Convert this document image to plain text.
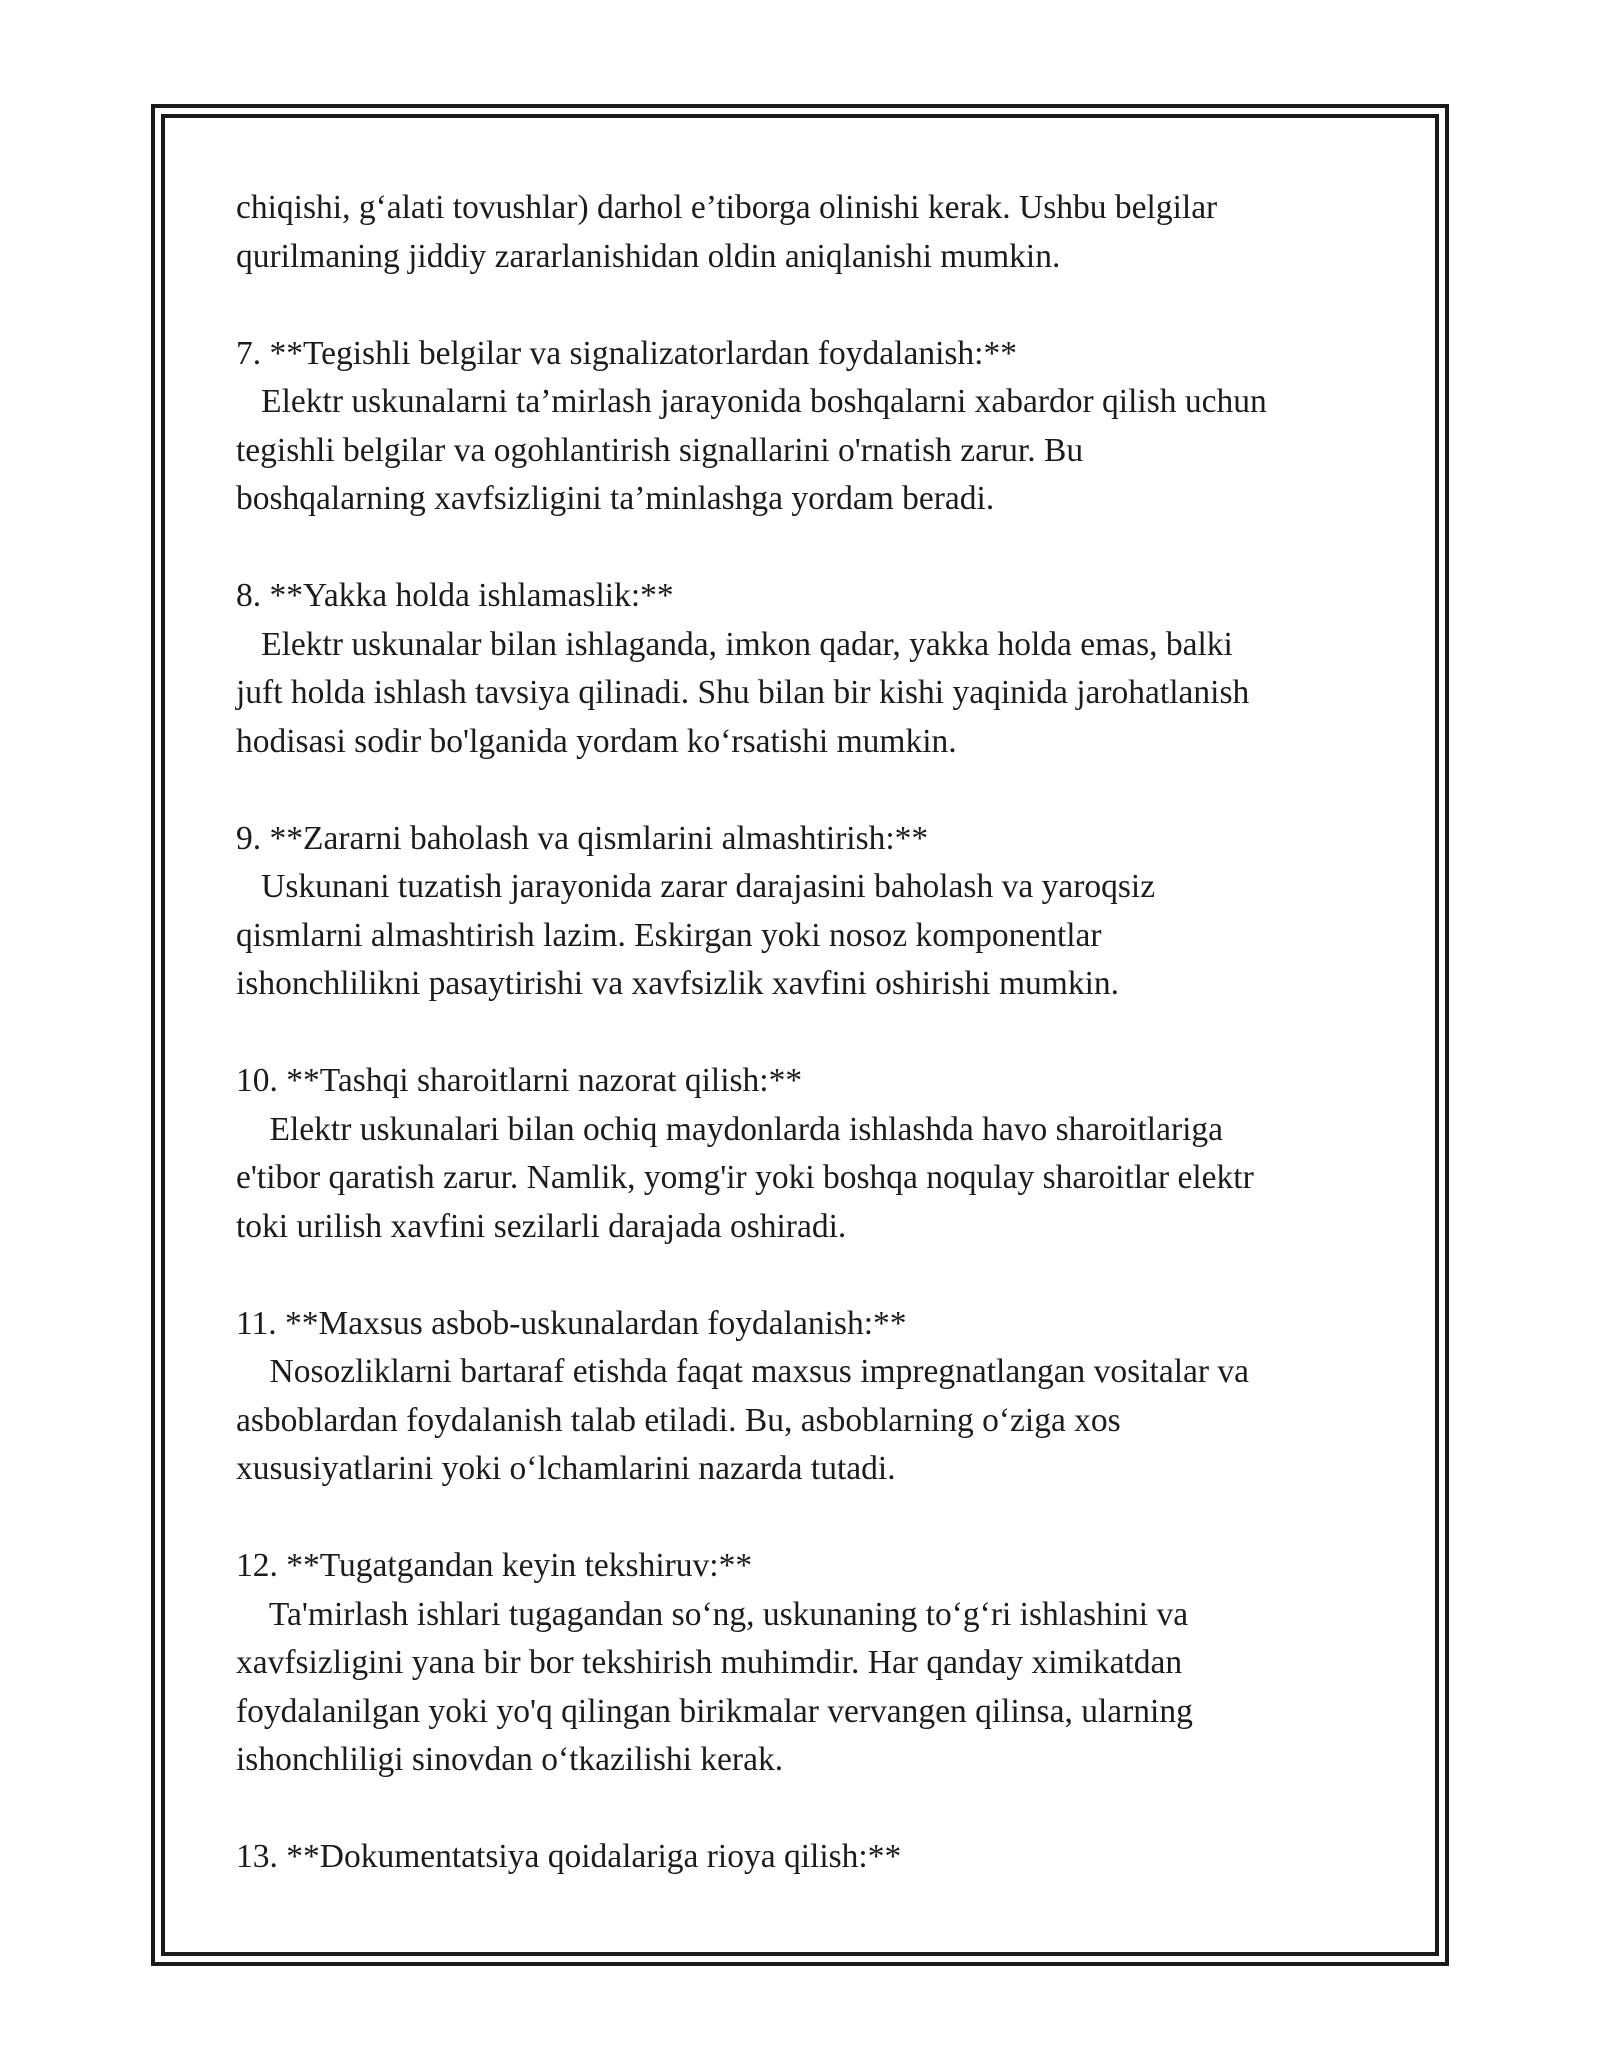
chiqishi, g‘alati tovushlar) darhol e’tiborga olinishi kerak. Ushbu belgilar
qurilmaning jiddiy zararlanishidan oldin aniqlanishi mumkin.
7. **Tegishli belgilar va signalizatorlardan foydalanish:**
Elektr uskunalarni ta’mirlash jarayonida boshqalarni xabardor qilish uchun
tegishli belgilar va ogohlantirish signallarini o'rnatish zarur. Bu
boshqalarning xavfsizligini ta’minlashga yordam beradi.
8. **Yakka holda ishlamaslik:**
Elektr uskunalar bilan ishlaganda, imkon qadar, yakka holda emas, balki
juft holda ishlash tavsiya qilinadi. Shu bilan bir kishi yaqinida jarohatlanish
hodisasi sodir bo'lganida yordam ko‘rsatishi mumkin.
9. **Zararni baholash va qismlarini almashtirish:**
Uskunani tuzatish jarayonida zarar darajasini baholash va yaroqsiz
qismlarni almashtirish lazim. Eskirgan yoki nosoz komponentlar
ishonchlilikni pasaytirishi va xavfsizlik xavfini oshirishi mumkin.
10. **Tashqi sharoitlarni nazorat qilish:**
Elektr uskunalari bilan ochiq maydonlarda ishlashda havo sharoitlariga
e'tibor qaratish zarur. Namlik, yomg'ir yoki boshqa noqulay sharoitlar elektr
toki urilish xavfini sezilarli darajada oshiradi.
11. **Maxsus asbob-uskunalardan foydalanish:**
Nosozliklarni bartaraf etishda faqat maxsus impregnatlangan vositalar va
asboblardan foydalanish talab etiladi. Bu, asboblarning o‘ziga xos
xususiyatlarini yoki o‘lchamlarini nazarda tutadi.
12. **Tugatgandan keyin tekshiruv:**
Ta'mirlash ishlari tugagandan so‘ng, uskunaning to‘g‘ri ishlashini va
xavfsizligini yana bir bor tekshirish muhimdir. Har qanday ximikatdan
foydalanilgan yoki yo'q qilingan birikmalar vervangen qilinsa, ularning
ishonchliligi sinovdan o‘tkazilishi kerak.
13. **Dokumentatsiya qoidalariga rioya qilish:**
